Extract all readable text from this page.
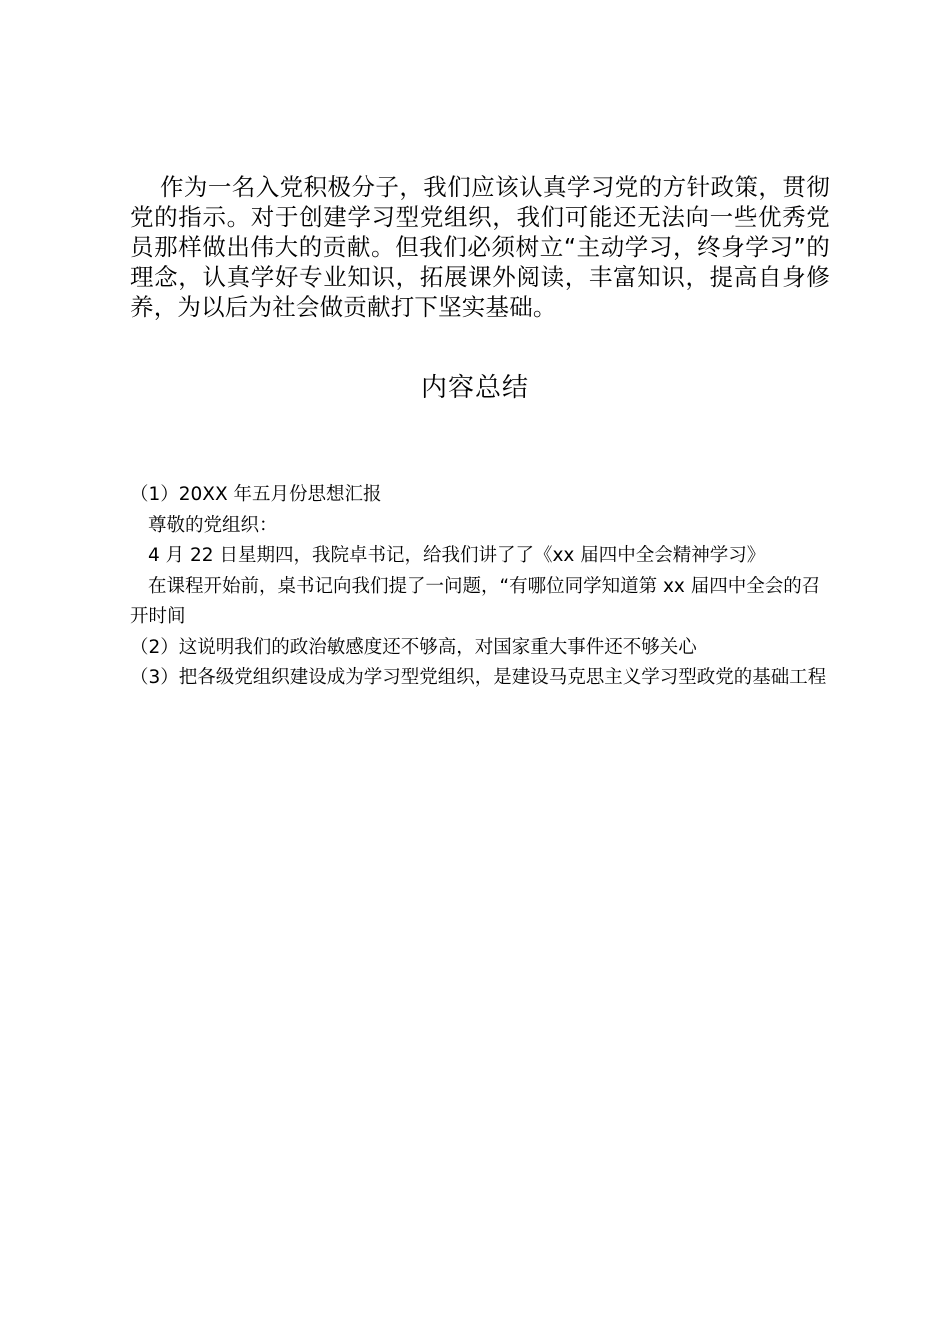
作为一名入党积极分子，我们应该认真学习党的方针政策，贯彻党的指示。对于创建学习型党组织，我们可能还无法向一些优秀党员那样做出伟大的贡献。但我们必须树立“主动学习，终身学习”的理念，认真学好专业知识，拓展课外阅读，丰富知识，提高自身修养，为以后为社会做贡献打下坚实基础。

内容总结

（1）20XX 年五月份思想汇报

尊敬的党组织：

4 月 22 日星期四，我院卓书记，给我们讲了了《xx 届四中全会精神学习》

在课程开始前，桌书记向我们提了一问题，“有哪位同学知道第 xx 届四中全会的召开时间

（2）这说明我们的政治敏感度还不够高，对国家重大事件还不够关心

（3）把各级党组织建设成为学习型党组织，是建设马克思主义学习型政党的基础工程
